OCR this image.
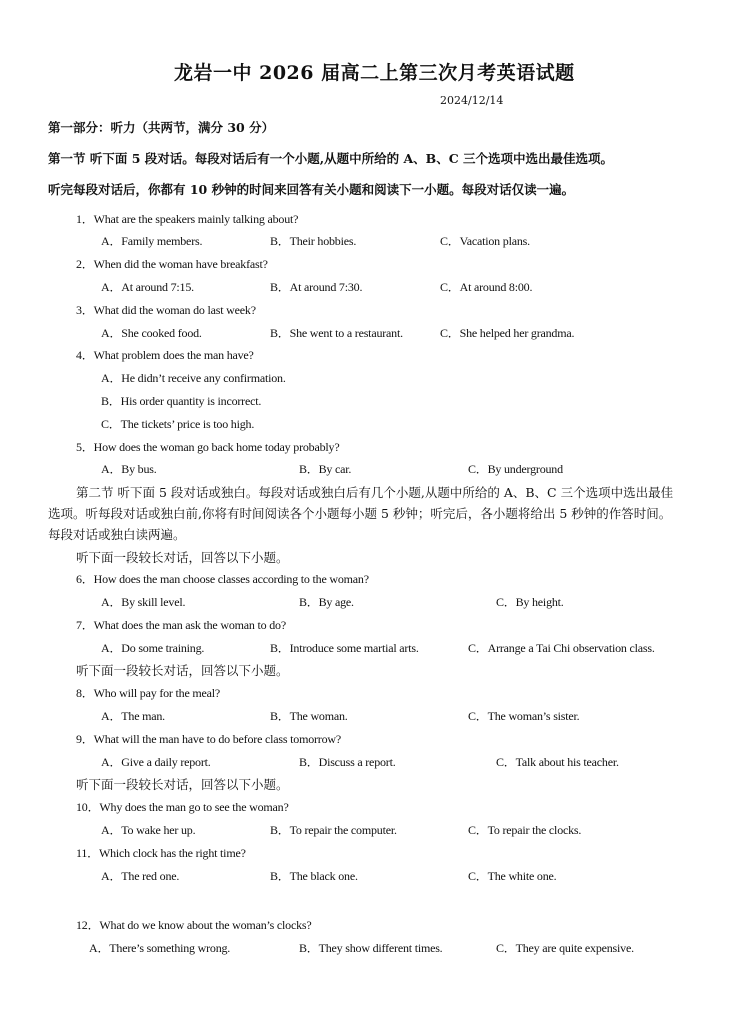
龙岩一中 2026 届高二上第三次月考英语试题
2024/12/14
第一部分：听力（共两节，满分 30 分）
第一节 听下面 5 段对话。每段对话后有一个小题,从题中所给的 A、B、C 三个选项中选出最佳选项。
听完每段对话后，你都有 10 秒钟的时间来回答有关小题和阅读下一小题。每段对话仅读一遍。
1．What are the speakers mainly talking about?
A．Family members.	B．Their hobbies.	C．Vacation plans.
2．When did the woman have breakfast?
A．At around 7:15.	B．At around 7:30.	C．At around 8:00.
3．What did the woman do last week?
A．She cooked food.	B．She went to a restaurant.	C．She helped her grandma.
4．What problem does the man have?
A．He didn’t receive any confirmation.
B．His order quantity is incorrect.
C．The tickets’ price is too high.
5．How does the woman go back home today probably?
A．By bus.	B．By car.	C．By underground
第二节 听下面 5 段对话或独白。每段对话或独白后有几个小题,从题中所给的 A、B、C 三个选项中选出最佳
选项。听每段对话或独白前,你将有时间阅读各个小题每小题 5 秒钟；听完后，各小题将给出 5 秒钟的作答时间。
每段对话或独白读两遍。
听下面一段较长对话，回答以下小题。
6．How does the man choose classes according to the woman?
A．By skill level.	B．By age.	C．By height.
7．What does the man ask the woman to do?
A．Do some training.	B．Introduce some martial arts.	C．Arrange a Tai Chi observation class.
听下面一段较长对话，回答以下小题。
8．Who will pay for the meal?
A．The man.	B．The woman.	C．The woman’s sister.
9．What will the man have to do before class tomorrow?
A．Give a daily report.	B．Discuss a report.	C．Talk about his teacher.
听下面一段较长对话，回答以下小题。
10．Why does the man go to see the woman?
A．To wake her up.	B．To repair the computer.	C．To repair the clocks.
11．Which clock has the right time?
A．The red one.	B．The black one.	C．The white one.
12．What do we know about the woman’s clocks?
A．There’s something wrong.	B．They show different times.	C．They are quite expensive.
